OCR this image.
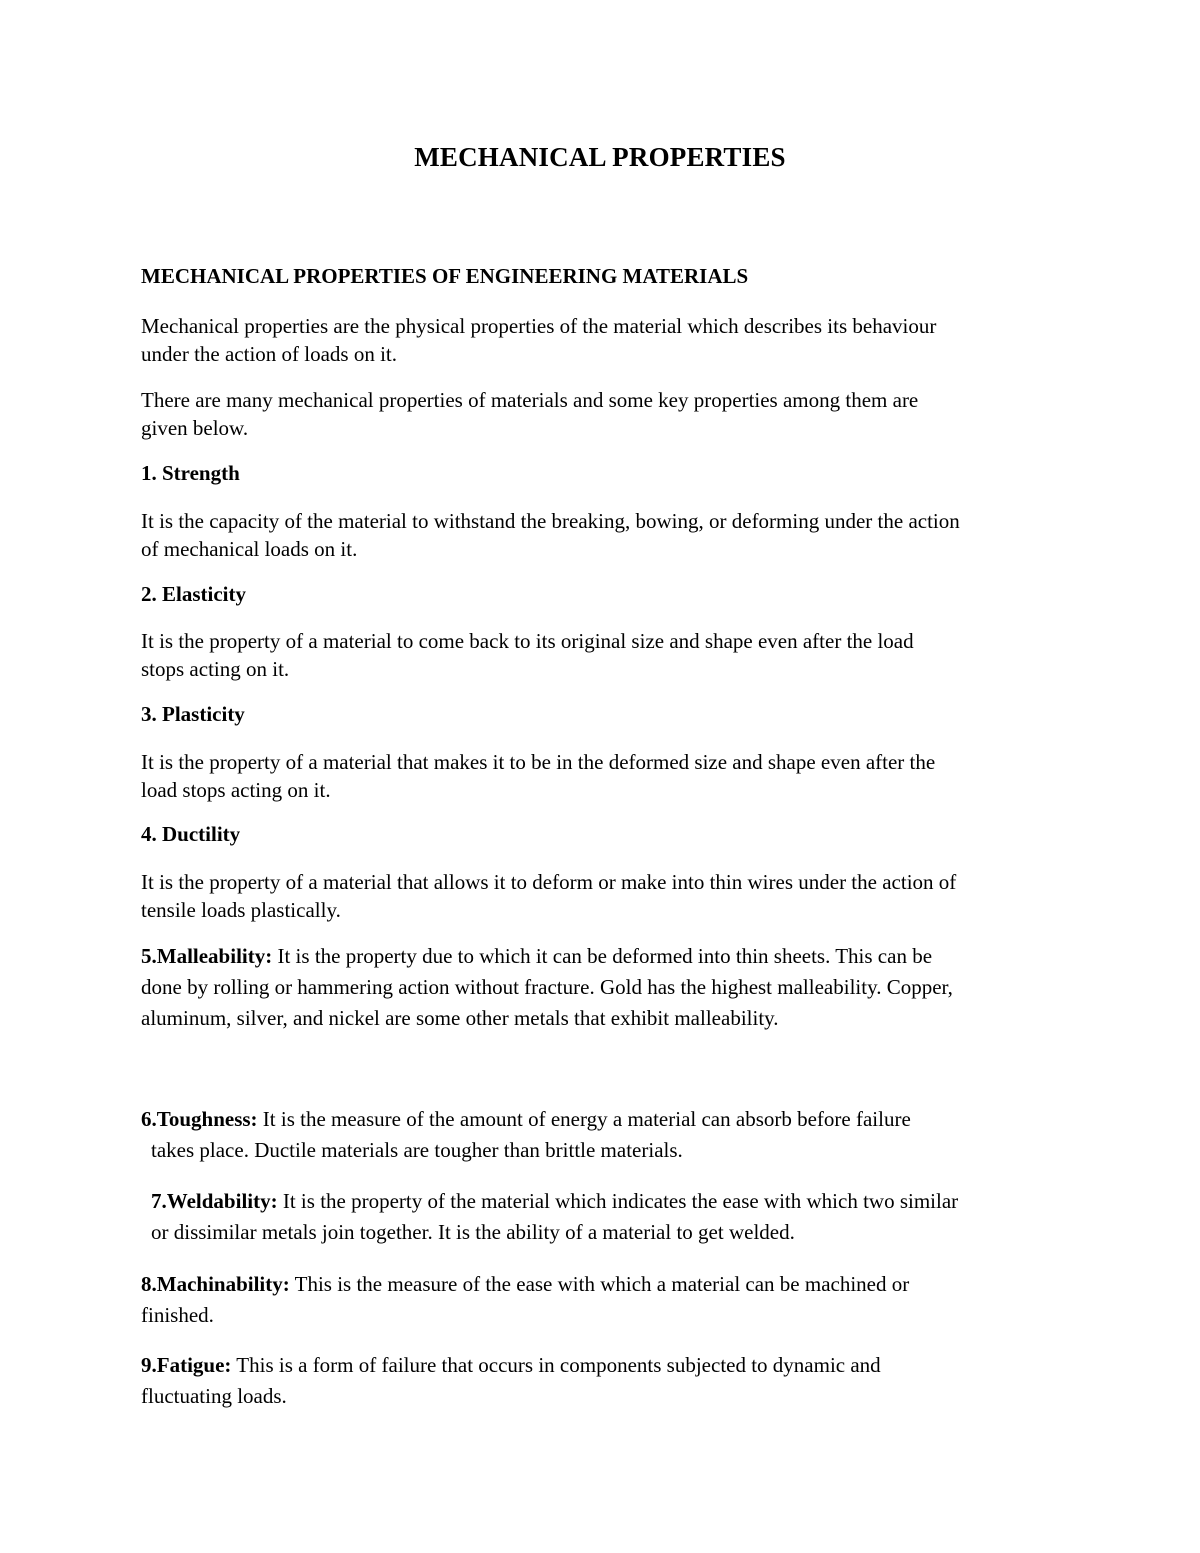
MECHANICAL PROPERTIES
MECHANICAL PROPERTIES OF ENGINEERING MATERIALS
Mechanical properties are the physical properties of the material which describes its behaviour
under the action of loads on it.
There are many mechanical properties of materials and some key properties among them are
given below.
1. Strength
It is the capacity of the material to withstand the breaking, bowing, or deforming under the action
of mechanical loads on it.
2. Elasticity
It is the property of a material to come back to its original size and shape even after the load
stops acting on it.
3. Plasticity
It is the property of a material that makes it to be in the deformed size and shape even after the
load stops acting on it.
4. Ductility
It is the property of a material that allows it to deform or make into thin wires under the action of
tensile loads plastically.
5.Malleability: It is the property due to which it can be deformed into thin sheets. This can be
done by rolling or hammering action without fracture. Gold has the highest malleability. Copper,
aluminum, silver, and nickel are some other metals that exhibit malleability.
6.Toughness: It is the measure of the amount of energy a material can absorb before failure
takes place. Ductile materials are tougher than brittle materials.
7.Weldability: It is the property of the material which indicates the ease with which two similar
or dissimilar metals join together. It is the ability of a material to get welded.
8.Machinability: This is the measure of the ease with which a material can be machined or
finished.
9.Fatigue: This is a form of failure that occurs in components subjected to dynamic and
fluctuating loads.
